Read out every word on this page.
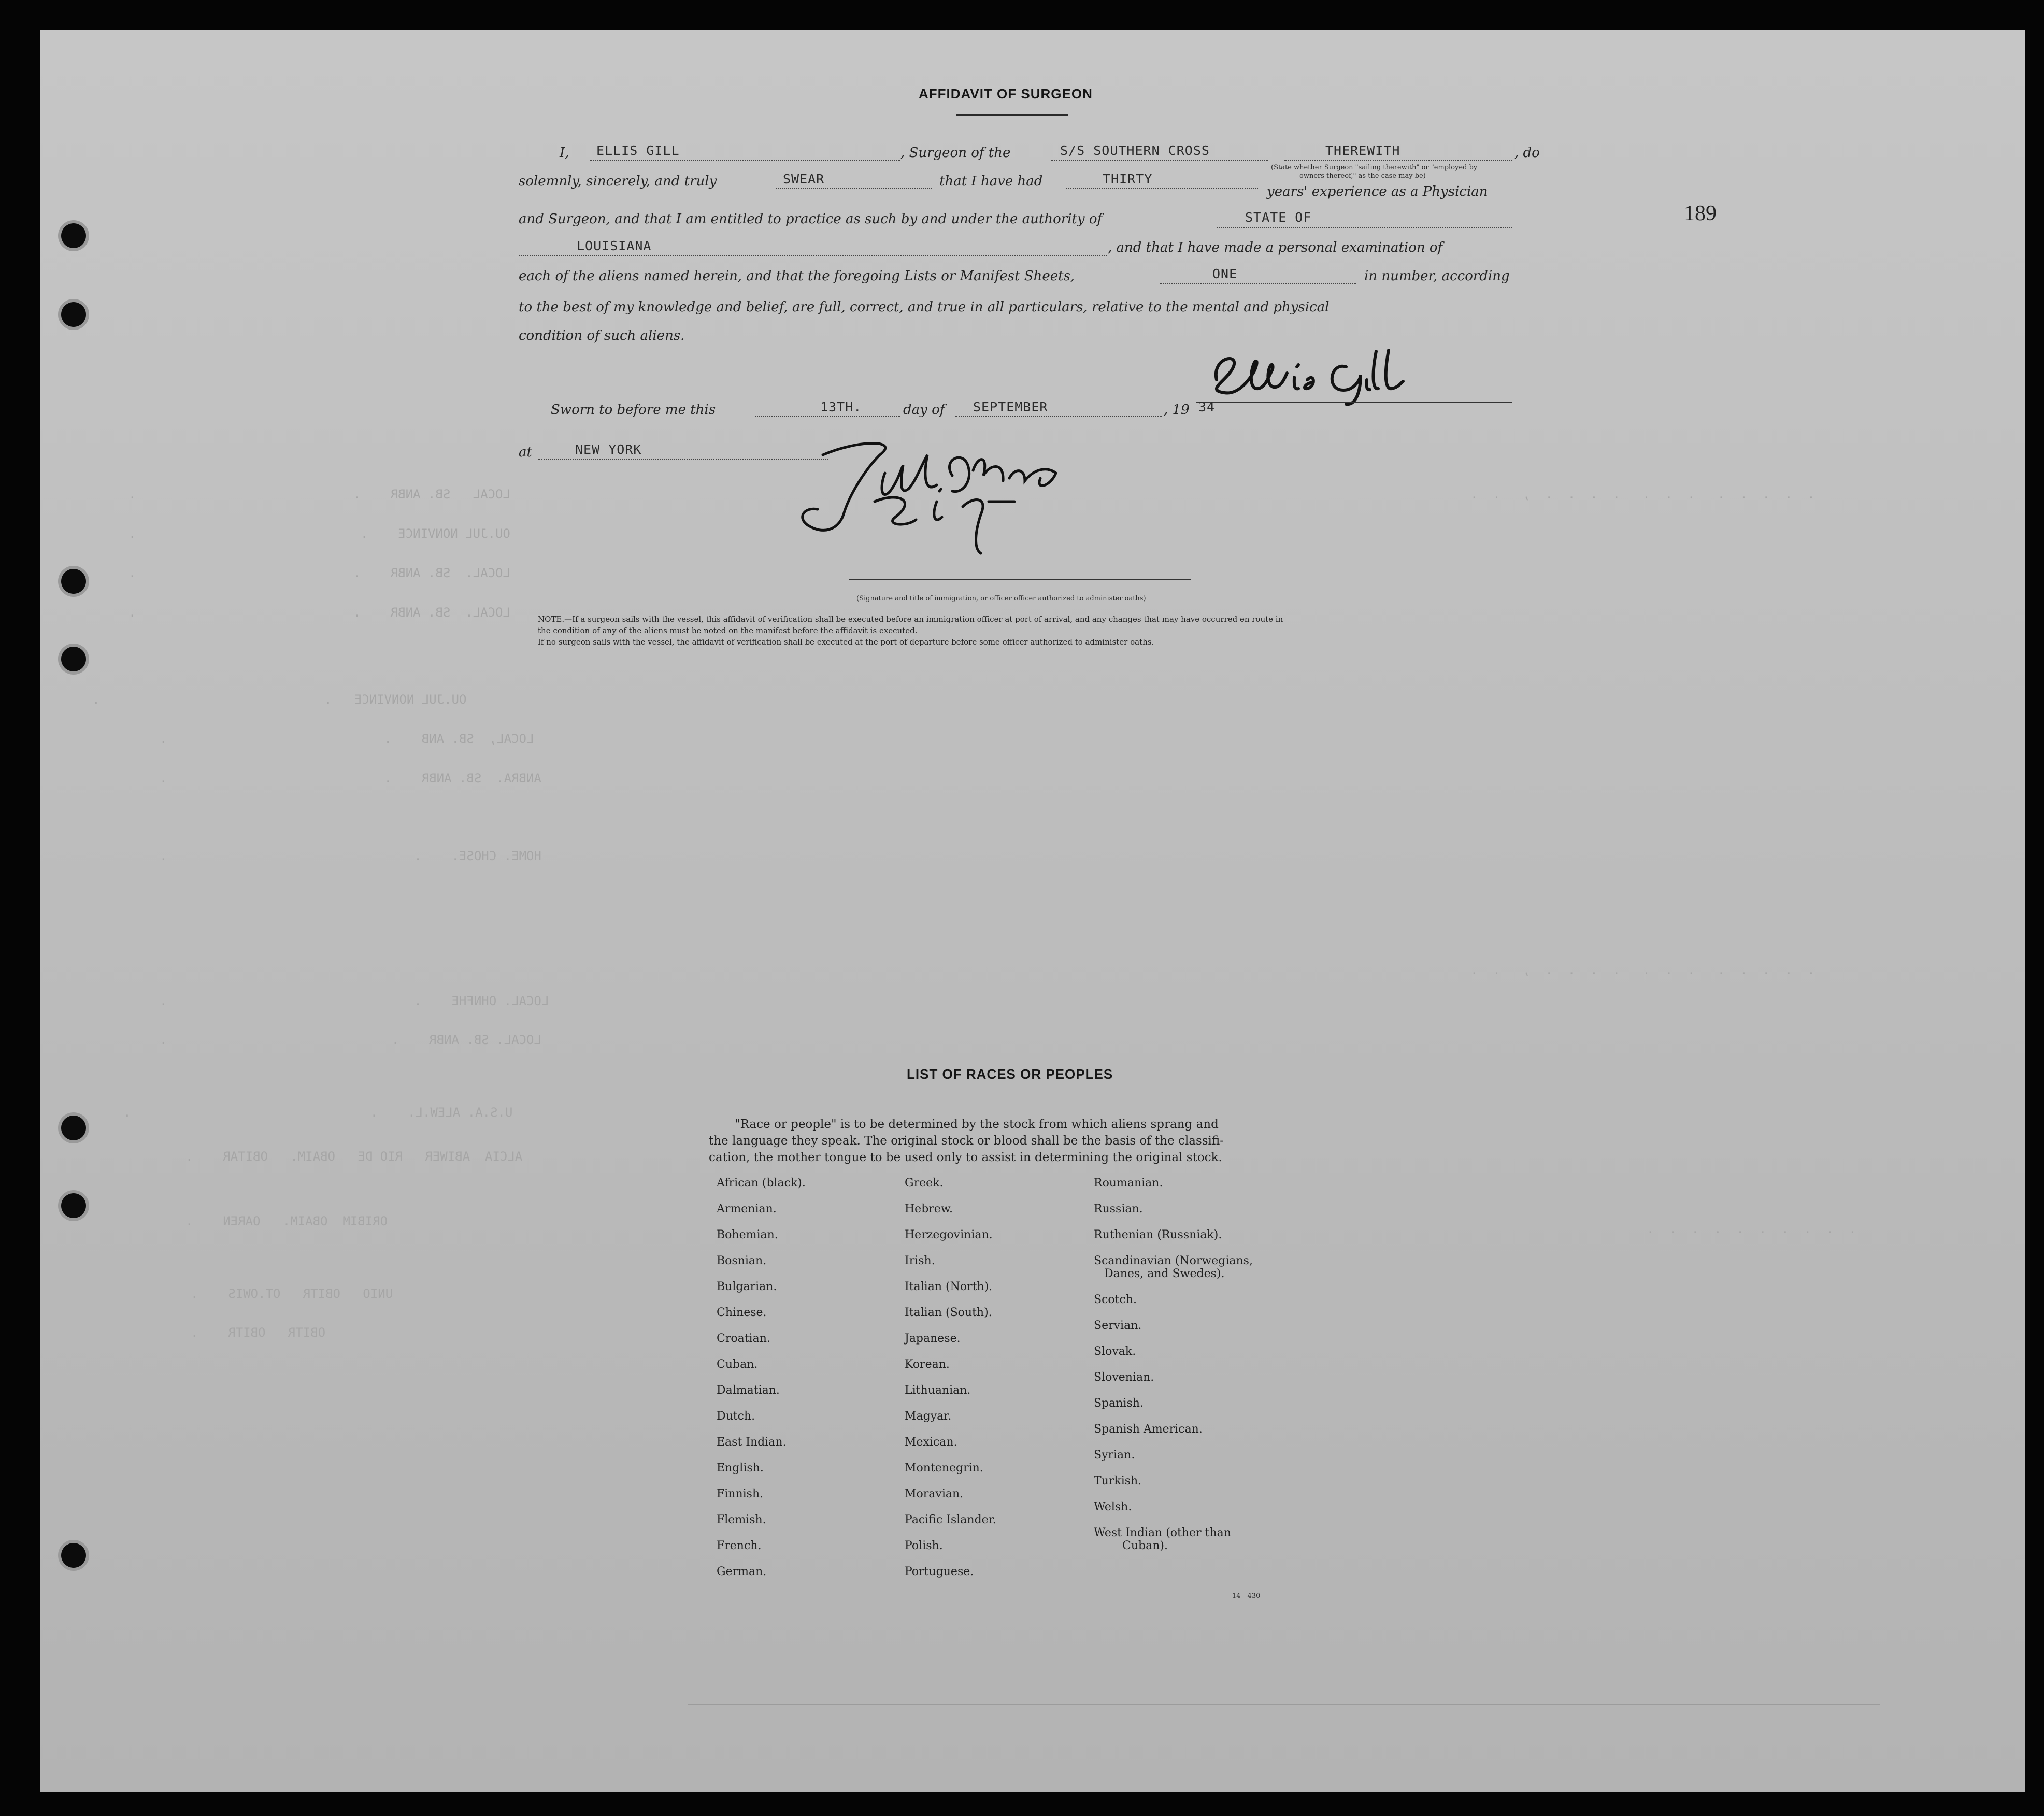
LOCAL   SB. ANBR    .                             .
OU.JUL NONVINCE    .                              .
LOCAL.  SB. ANBR    .                             .
LOCAL.  SB. ANBR    .                             .
OU.JUL NONVINCE   .                              .
LOCAL,  SB. ANB    .                             .
ANBRA.  SB. ANBR    .                             .
HOME. CHOSE.    .                                 .
LOCAL. OHNFHE    .                                 .
LOCAL. SB. ANBR    .                              .
U.S.A. ALEW.L.    .                                .
ALCIA  ABIWER   RIO DE   OBAIM.   OBITAR    .
ORIBIM  OBAIM.   OAREN    .
UNIO   OBITR   OT.OWIS    .
OBITR   OBITR    .
.  .  .  .  .   .  .  .   .  .  .  .  ,   .  .
.  .  .  .  .   .  .  .   .  .  .  .  ,   .  .
.  .  .  .  .  .  .  .  .  .
AFFIDAVIT OF SURGEON
I, ELLIS GILL	, Surgeon of the	S/S SOUTHERN CROSS	THEREWITH	, do
(State whether Surgeon "sailing therewith" or "employed by
owners thereof," as the case may be)
solemnly, sincerely, and truly	SWEAR	that I have had	THIRTY
years' experience as a Physician
and Surgeon, and that I am entitled to practice as such by and under the authority of	STATE OF
LOUISIANA	, and that I have made a personal examination of
each of the aliens named herein, and that the foregoing Lists or Manifest Sheets,	ONE	in number, according
to the best of my knowledge and belief, are full, correct, and true in all particulars, relative to the mental and physical
condition of such aliens.
189
Sworn to before me this	13TH.	day of SEPTEMBER	, 19 34
at	NEW YORK
(Signature and title of immigration, or officer officer authorized to administer oaths)
NOTE.—If a surgeon sails with the vessel, this affidavit of verification shall be executed before an immigration officer at port of arrival, and any changes that may have occurred en route in
the condition of any of the aliens must be noted on the manifest before the affidavit is executed.
If no surgeon sails with the vessel, the affidavit of verification shall be executed at the port of departure before some officer authorized to administer oaths.
LIST OF RACES OR PEOPLES
"Race or people" is to be determined by the stock from which aliens sprang and
the language they speak. The original stock or blood shall be the basis of the classifi-
cation, the mother tongue to be used only to assist in determining the original stock.
African (black).
Armenian.
Bohemian.
Bosnian.
Bulgarian.
Chinese.
Croatian.
Cuban.
Dalmatian.
Dutch.
East Indian.
English.
Finnish.
Flemish.
French.
German.
Greek.
Hebrew.
Herzegovinian.
Irish.
Italian (North).
Italian (South).
Japanese.
Korean.
Lithuanian.
Magyar.
Mexican.
Montenegrin.
Moravian.
Pacific Islander.
Polish.
Portuguese.
Roumanian.
Russian.
Ruthenian (Russniak).
Scandinavian (Norwegians,
Danes, and Swedes).
Scotch.
Servian.
Slovak.
Slovenian.
Spanish.
Spanish American.
Syrian.
Turkish.
Welsh.
West Indian (other than
Cuban).
14—430
